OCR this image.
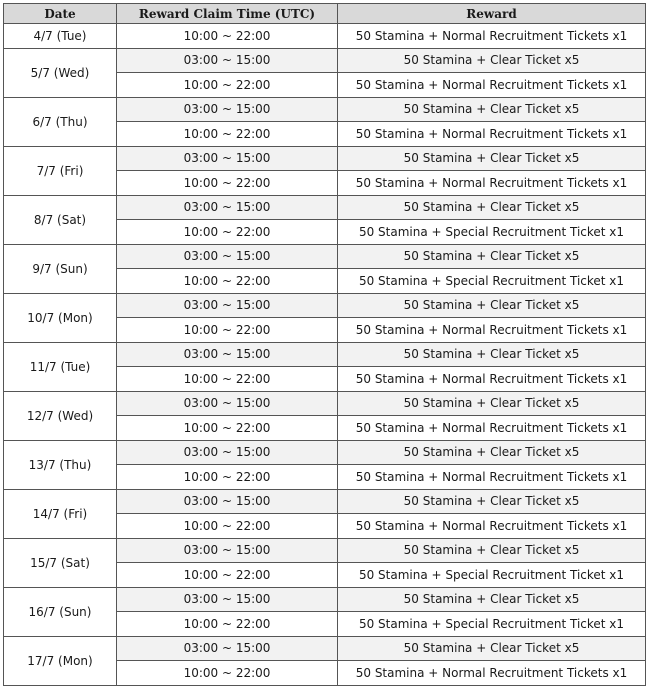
Date	Reward Claim Time (UTC)	Reward
4/7 (Tue)	10:00 ~ 22:00	50 Stamina + Normal Recruitment Tickets x1
5/7 (Wed)	03:00 ~ 15:00	50 Stamina + Clear Ticket x5
	10:00 ~ 22:00	50 Stamina + Normal Recruitment Tickets x1
6/7 (Thu)	03:00 ~ 15:00	50 Stamina + Clear Ticket x5
	10:00 ~ 22:00	50 Stamina + Normal Recruitment Tickets x1
7/7 (Fri)	03:00 ~ 15:00	50 Stamina + Clear Ticket x5
	10:00 ~ 22:00	50 Stamina + Normal Recruitment Tickets x1
8/7 (Sat)	03:00 ~ 15:00	50 Stamina + Clear Ticket x5
	10:00 ~ 22:00	50 Stamina + Special Recruitment Ticket x1
9/7 (Sun)	03:00 ~ 15:00	50 Stamina + Clear Ticket x5
	10:00 ~ 22:00	50 Stamina + Special Recruitment Ticket x1
10/7 (Mon)	03:00 ~ 15:00	50 Stamina + Clear Ticket x5
	10:00 ~ 22:00	50 Stamina + Normal Recruitment Tickets x1
11/7 (Tue)	03:00 ~ 15:00	50 Stamina + Clear Ticket x5
	10:00 ~ 22:00	50 Stamina + Normal Recruitment Tickets x1
12/7 (Wed)	03:00 ~ 15:00	50 Stamina + Clear Ticket x5
	10:00 ~ 22:00	50 Stamina + Normal Recruitment Tickets x1
13/7 (Thu)	03:00 ~ 15:00	50 Stamina + Clear Ticket x5
	10:00 ~ 22:00	50 Stamina + Normal Recruitment Tickets x1
14/7 (Fri)	03:00 ~ 15:00	50 Stamina + Clear Ticket x5
	10:00 ~ 22:00	50 Stamina + Normal Recruitment Tickets x1
15/7 (Sat)	03:00 ~ 15:00	50 Stamina + Clear Ticket x5
	10:00 ~ 22:00	50 Stamina + Special Recruitment Ticket x1
16/7 (Sun)	03:00 ~ 15:00	50 Stamina + Clear Ticket x5
	10:00 ~ 22:00	50 Stamina + Special Recruitment Ticket x1
17/7 (Mon)	03:00 ~ 15:00	50 Stamina + Clear Ticket x5
	10:00 ~ 22:00	50 Stamina + Normal Recruitment Tickets x1
